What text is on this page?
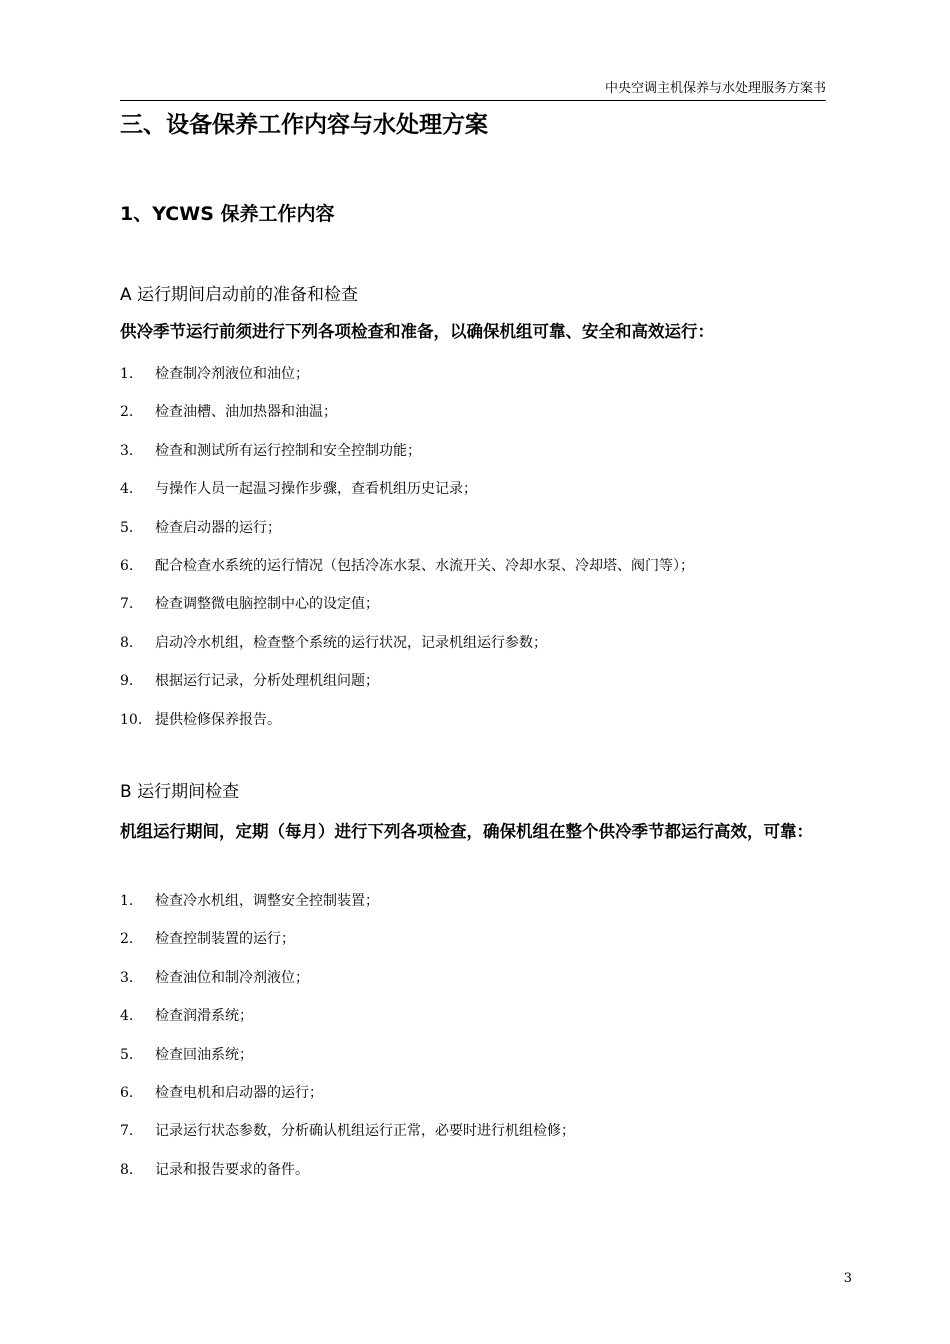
中央空调主机保养与水处理服务方案书
三、设备保养工作内容与水处理方案
1、YCWS 保养工作内容
A 运行期间启动前的准备和检查

供冷季节运行前须进行下列各项检查和准备，以确保机组可靠、安全和高效运行：

1.	检查制冷剂液位和油位；
2.	检查油槽、油加热器和油温；
3.	检查和测试所有运行控制和安全控制功能；
4.	与操作人员一起温习操作步骤，查看机组历史记录；
5.	检查启动器的运行；
6.	配合检查水系统的运行情况（包括冷冻水泵、水流开关、冷却水泵、冷却塔、阀门等）；
7.	检查调整微电脑控制中心的设定值；
8.	启动冷水机组，检查整个系统的运行状况，记录机组运行参数；
9.	根据运行记录，分析处理机组问题；
10. 提供检修保养报告。
B 运行期间检查

机组运行期间，定期（每月）进行下列各项检查，确保机组在整个供冷季节都运行高效，可靠：

1.	检查冷水机组，调整安全控制装置；
2.	检查控制装置的运行；
3.	检查油位和制冷剂液位；
4.	检查润滑系统；
5.	检查回油系统；
6.	检查电机和启动器的运行；
7.	记录运行状态参数，分析确认机组运行正常，必要时进行机组检修；
8.	记录和报告要求的备件。
3
